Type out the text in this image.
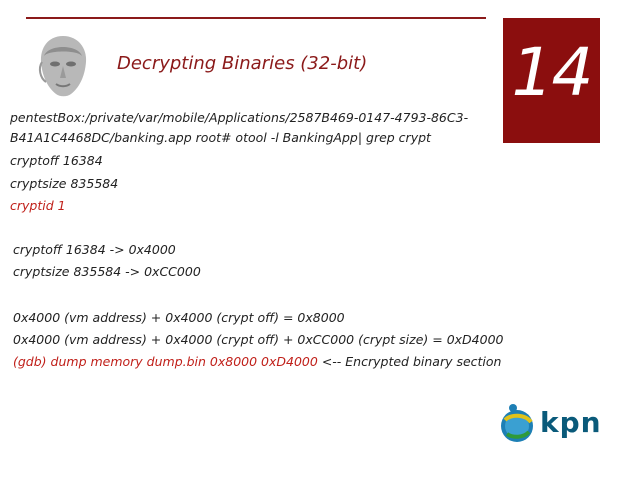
Decrypting Binaries (32-bit) 14
pentestBox:/private/var/mobile/Applications/2587B469-0147-4793-86C3-
B41A1C4468DC/banking.app root# otool -l BankingApp| grep crypt
cryptoff 16384
cryptsize 835584
cryptid 1
cryptoff 16384 -> 0x4000
cryptsize 835584 -> 0xCC000
0x4000 (vm address) + 0x4000 (crypt off) = 0x8000
0x4000 (vm address) + 0x4000 (crypt off) + 0xCC000 (crypt size) = 0xD4000
(gdb) dump memory dump.bin 0x8000 0xD4000 <-- Encrypted binary section
kpn
